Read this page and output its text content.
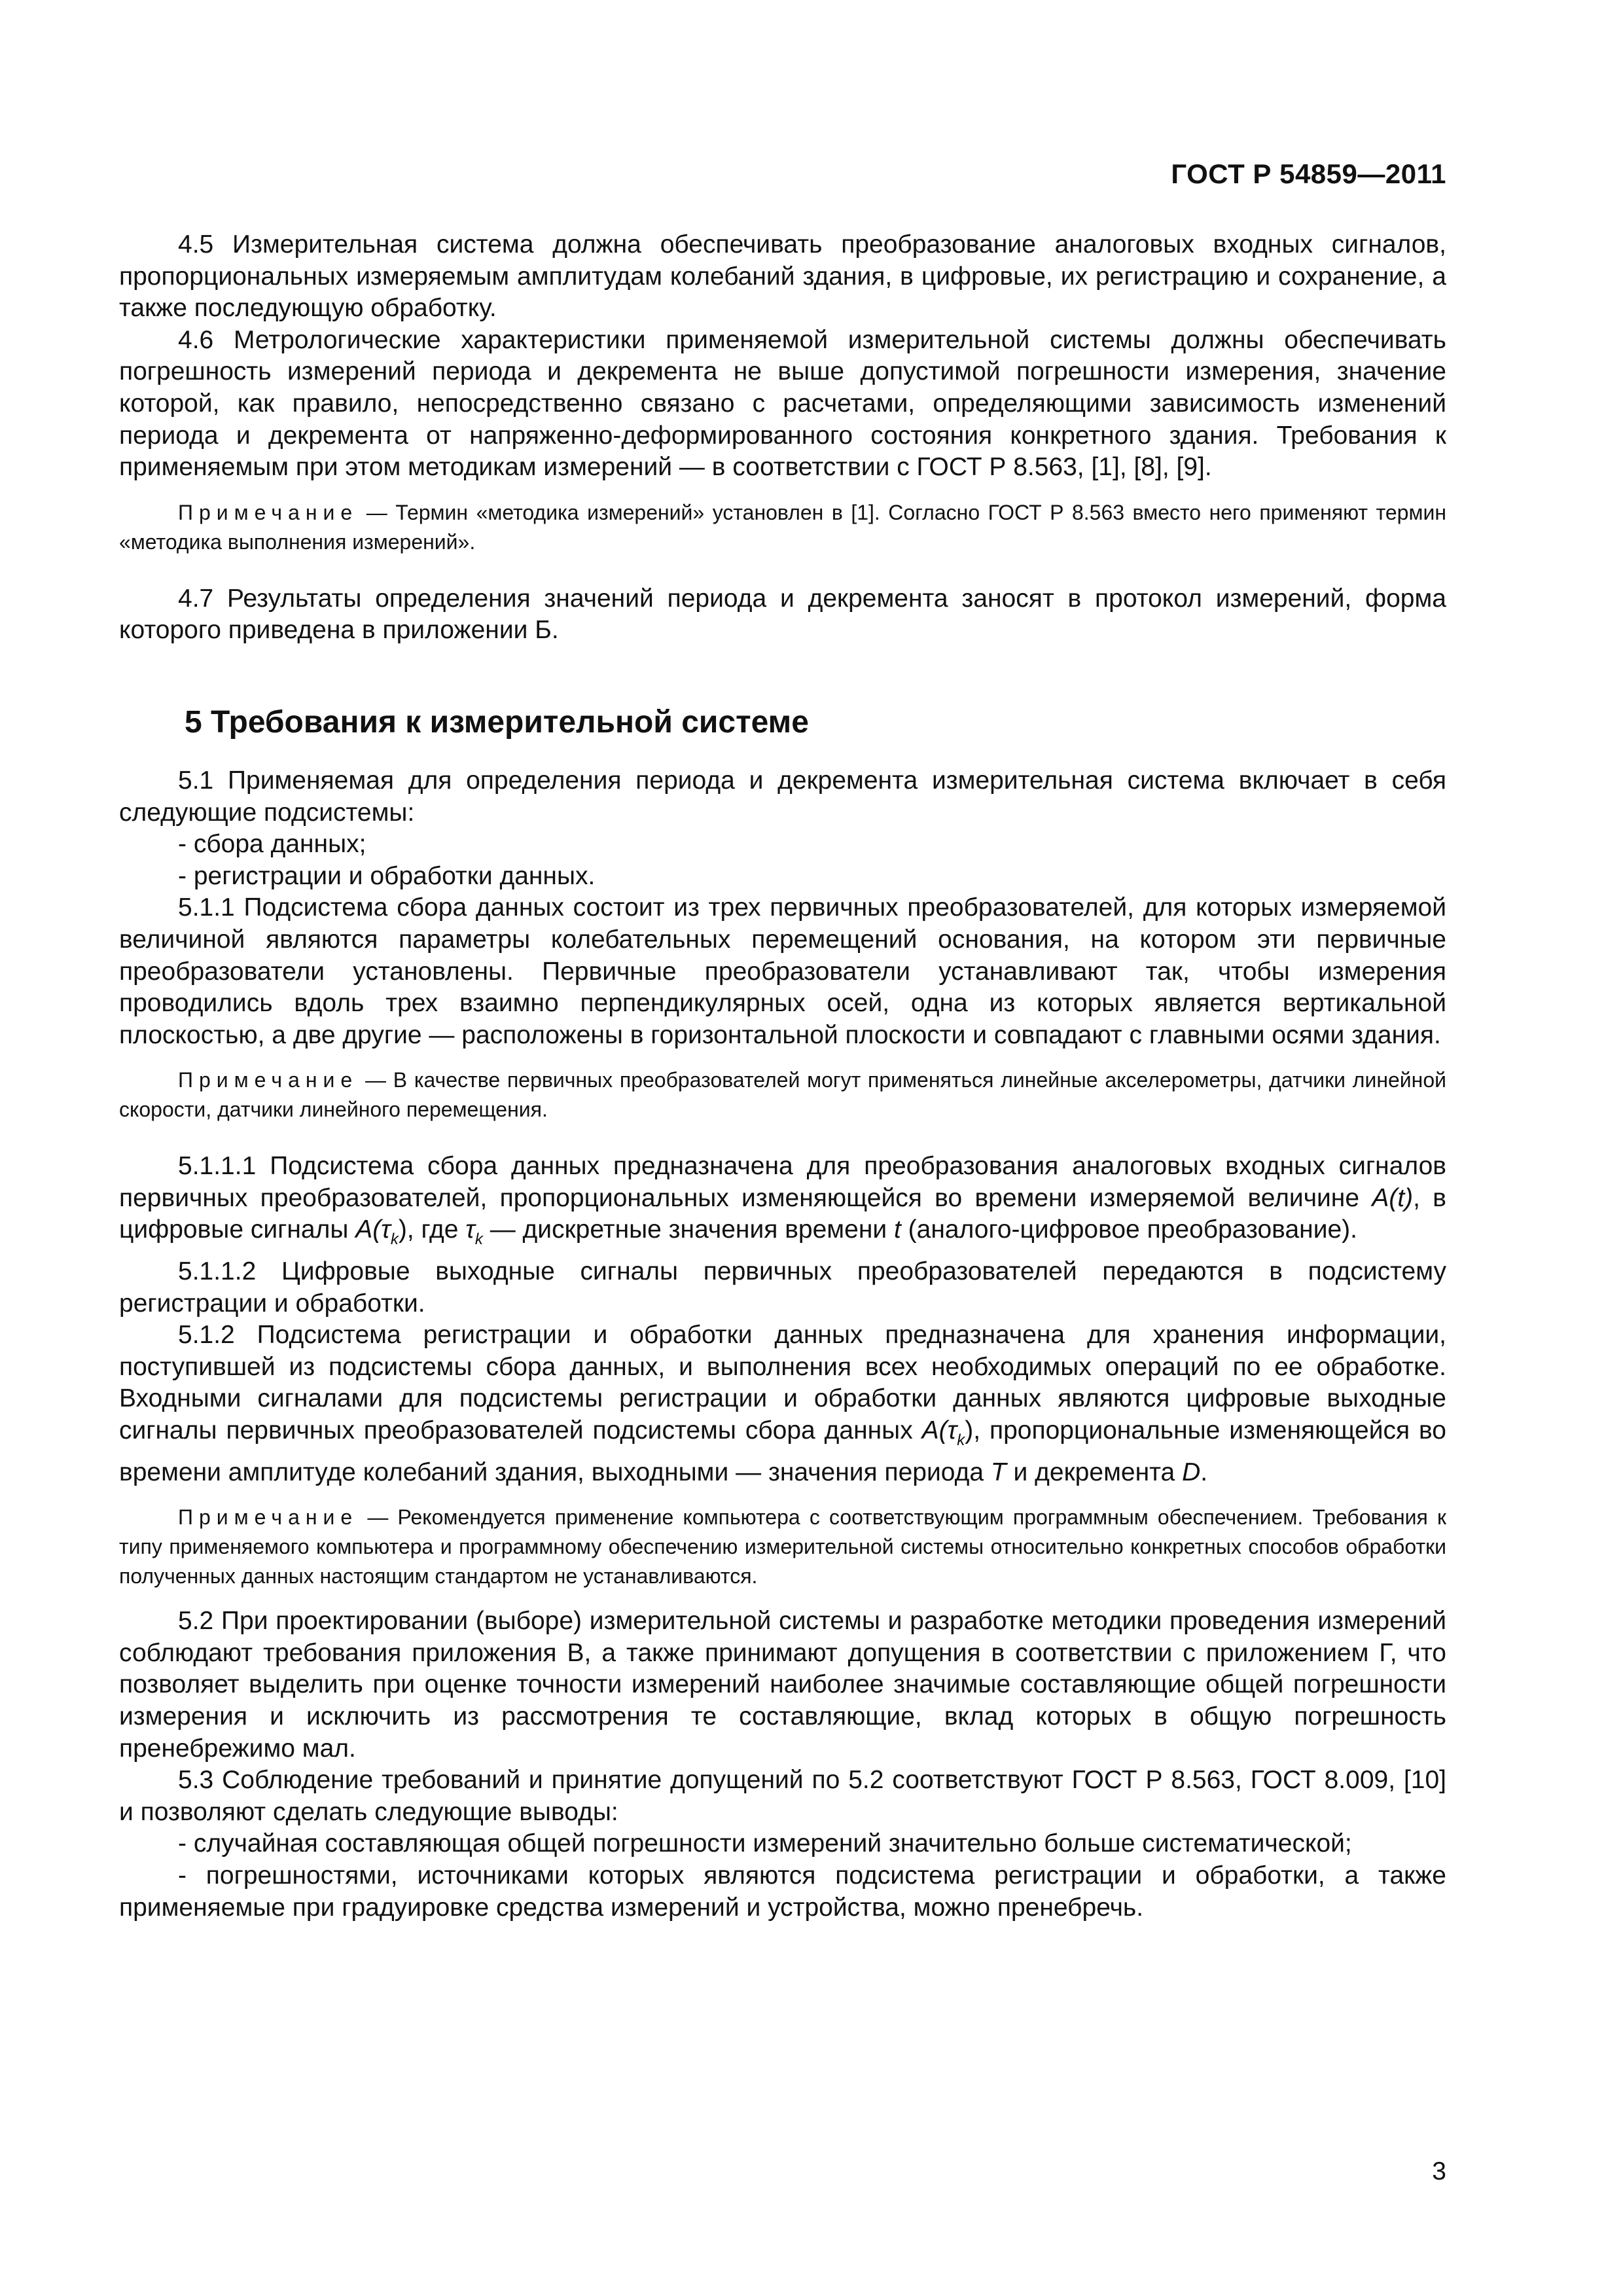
ГОСТ Р 54859—2011

4.5 Измерительная система должна обеспечивать преобразование аналоговых входных сигналов, пропорциональных измеряемым амплитудам колебаний здания, в цифровые, их регистрацию и сохранение, а также последующую обработку.

4.6 Метрологические характеристики применяемой измерительной системы должны обеспечивать погрешность измерений периода и декремента не выше допустимой погрешности измерения, значение которой, как правило, непосредственно связано с расчетами, определяющими зависимость изменений периода и декремента от напряженно-деформированного состояния конкретного здания. Требования к применяемым при этом методикам измерений — в соответствии с ГОСТ Р 8.563, [1], [8], [9].

Примечание — Термин «методика измерений» установлен в [1]. Согласно ГОСТ Р 8.563 вместо него применяют термин «методика выполнения измерений».

4.7 Результаты определения значений периода и декремента заносят в протокол измерений, форма которого приведена в приложении Б.

5 Требования к измерительной системе

5.1 Применяемая для определения периода и декремента измерительная система включает в себя следующие подсистемы:

- сбора данных;

- регистрации и обработки данных.

5.1.1 Подсистема сбора данных состоит из трех первичных преобразователей, для которых измеряемой величиной являются параметры колебательных перемещений основания, на котором эти первичные преобразователи установлены. Первичные преобразователи устанавливают так, чтобы измерения проводились вдоль трех взаимно перпендикулярных осей, одна из которых является вертикальной плоскостью, а две другие — расположены в горизонтальной плоскости и совпадают с главными осями здания.

Примечание — В качестве первичных преобразователей могут применяться линейные акселерометры, датчики линейной скорости, датчики линейного перемещения.

5.1.1.1 Подсистема сбора данных предназначена для преобразования аналоговых входных сигналов первичных преобразователей, пропорциональных изменяющейся во времени измеряемой величине A(t), в цифровые сигналы $A(\tau_k)$, где $\tau_k$ — дискретные значения времени t (аналого-цифровое преобразование).

5.1.1.2 Цифровые выходные сигналы первичных преобразователей передаются в подсистему регистрации и обработки.

5.1.2 Подсистема регистрации и обработки данных предназначена для хранения информации, поступившей из подсистемы сбора данных, и выполнения всех необходимых операций по ее обработке. Входными сигналами для подсистемы регистрации и обработки данных являются цифровые выходные сигналы первичных преобразователей подсистемы сбора данных $A(\tau_k)$, пропорциональные изменяющейся во времени амплитуде колебаний здания, выходными — значения периода T и декремента D.

Примечание — Рекомендуется применение компьютера с соответствующим программным обеспечением. Требования к типу применяемого компьютера и программному обеспечению измерительной системы относительно конкретных способов обработки полученных данных настоящим стандартом не устанавливаются.

5.2 При проектировании (выборе) измерительной системы и разработке методики проведения измерений соблюдают требования приложения В, а также принимают допущения в соответствии с приложением Г, что позволяет выделить при оценке точности измерений наиболее значимые составляющие общей погрешности измерения и исключить из рассмотрения те составляющие, вклад которых в общую погрешность пренебрежимо мал.

5.3 Соблюдение требований и принятие допущений по 5.2 соответствуют ГОСТ Р 8.563, ГОСТ 8.009, [10] и позволяют сделать следующие выводы:

- случайная составляющая общей погрешности измерений значительно больше систематической;

- погрешностями, источниками которых являются подсистема регистрации и обработки, а также применяемые при градуировке средства измерений и устройства, можно пренебречь.

3
